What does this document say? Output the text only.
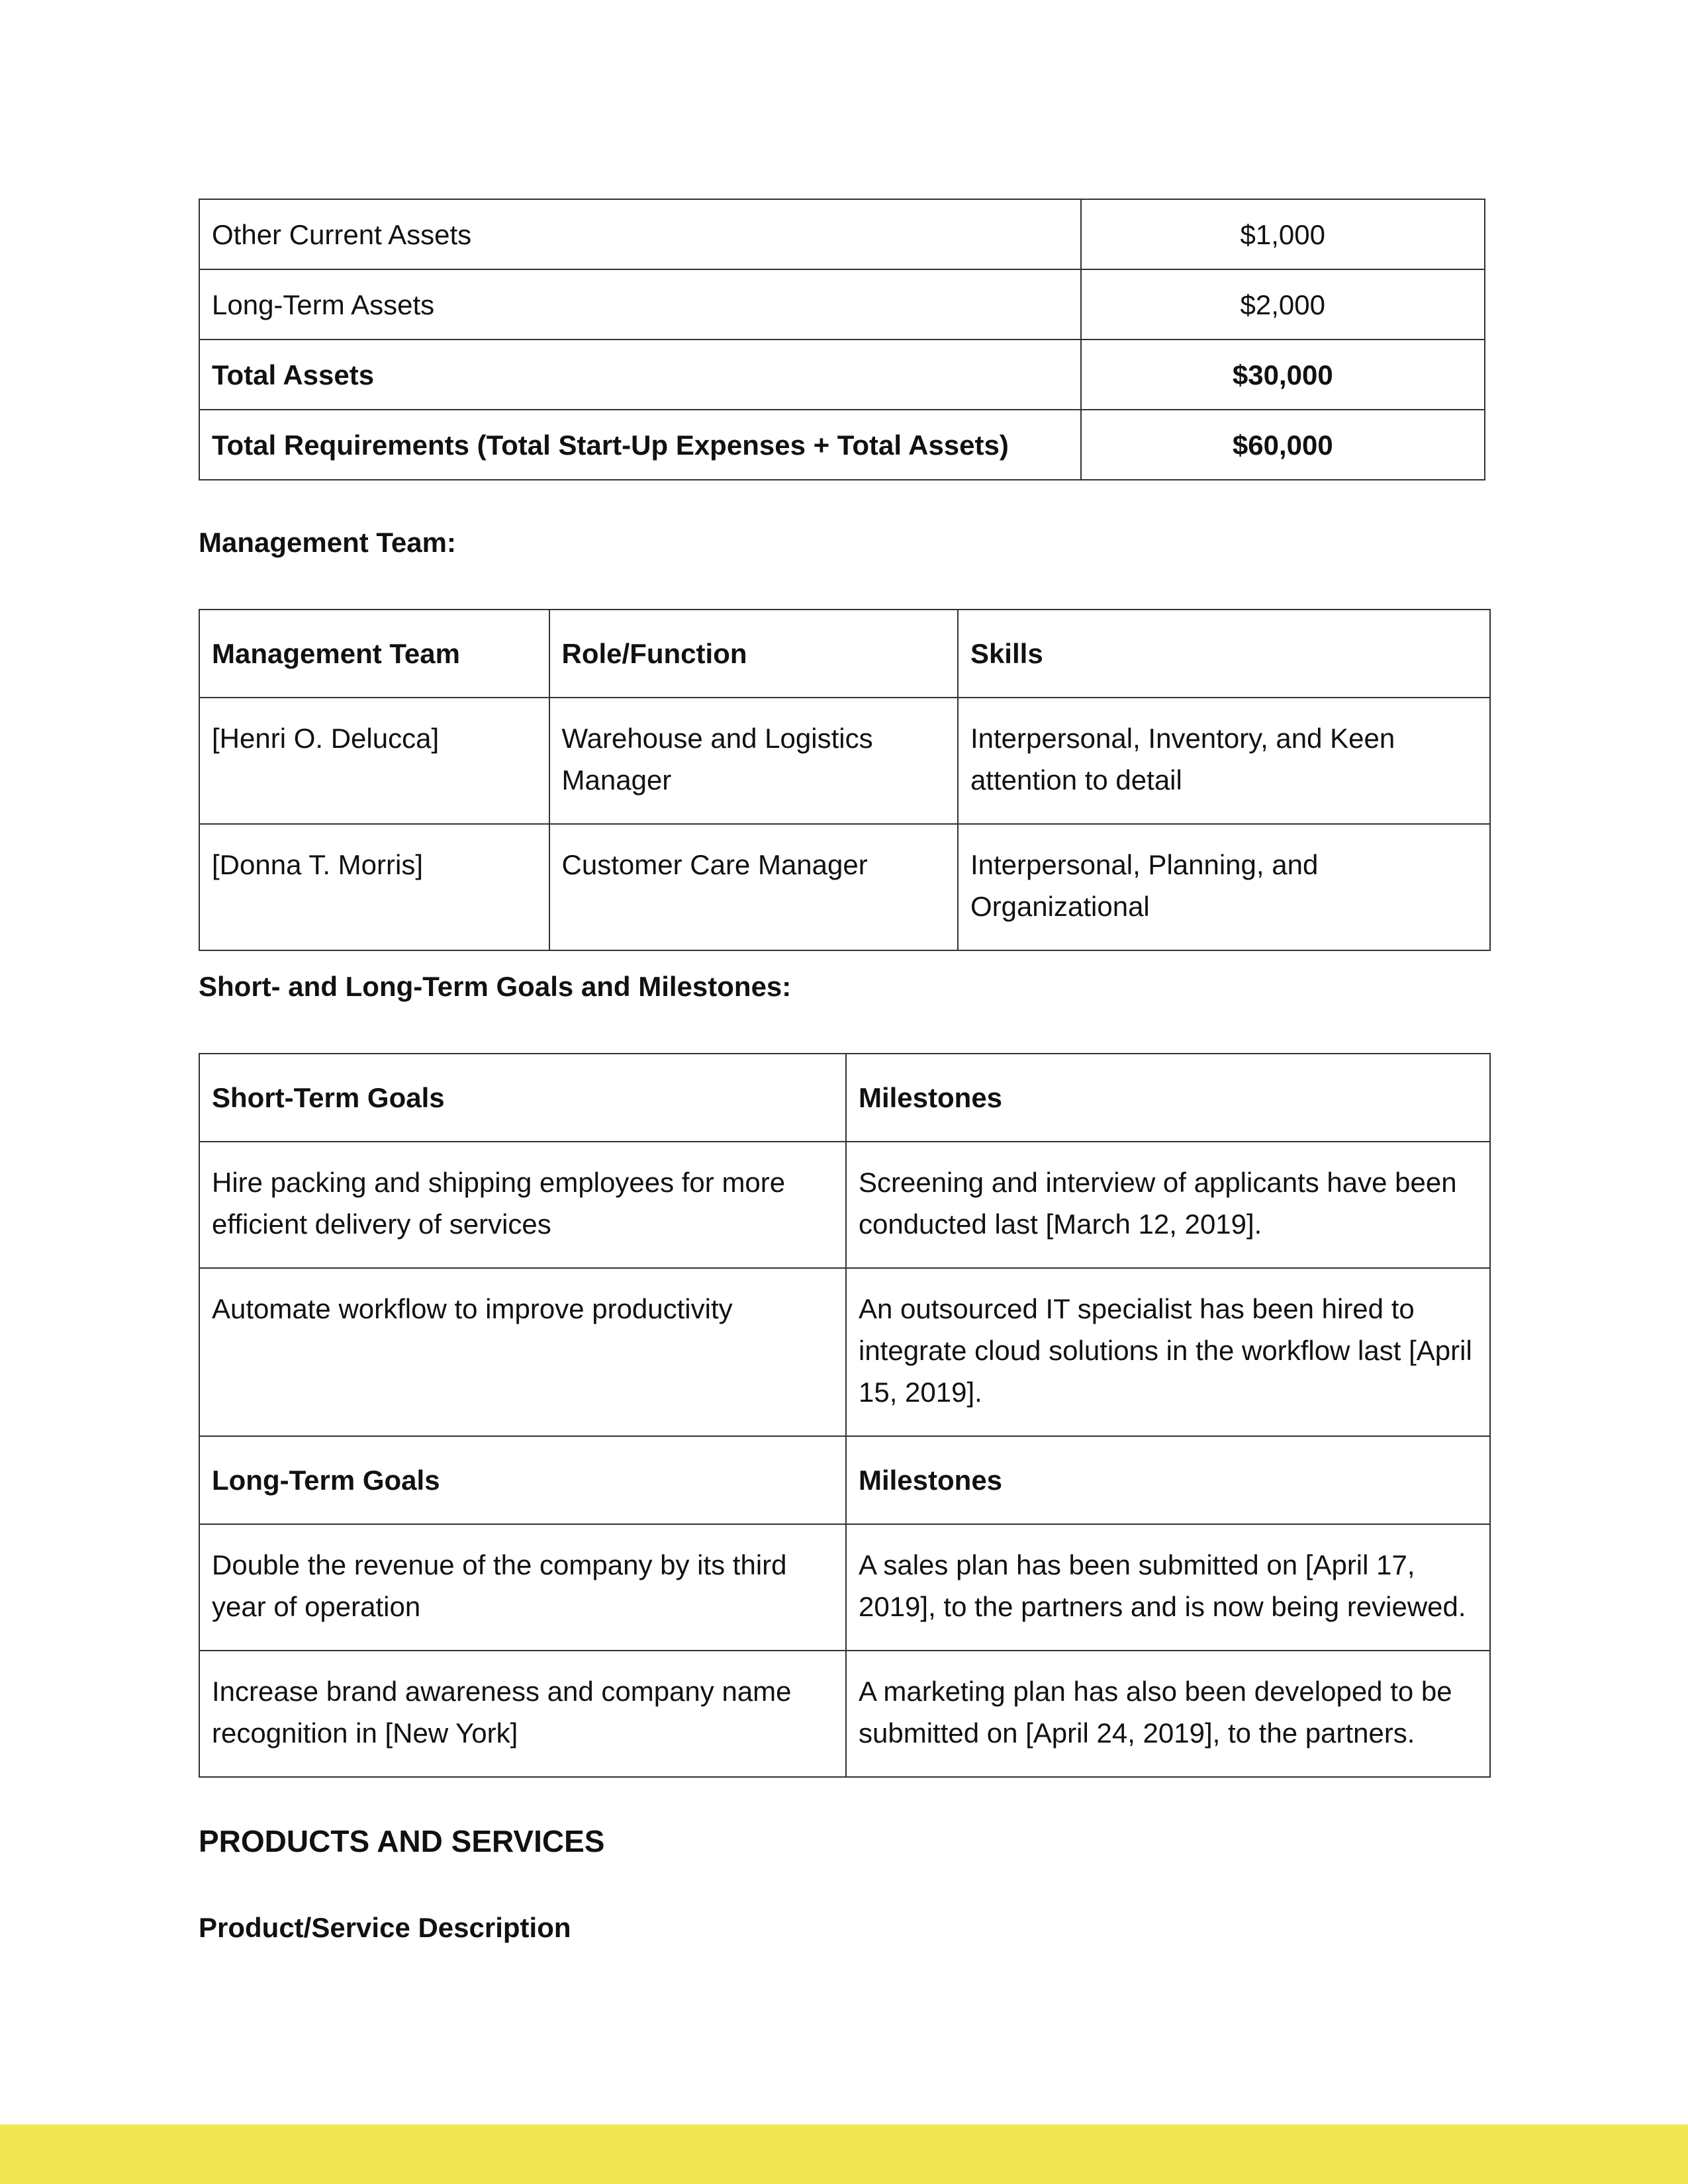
Other Current Assets	$1,000
Long-Term Assets	$2,000
Total Assets	$30,000
Total Requirements (Total Start-Up Expenses + Total Assets)	$60,000

Management Team:

Management Team	Role/Function	Skills
[Henri O. Delucca]	Warehouse and Logistics Manager	Interpersonal, Inventory, and Keen attention to detail
[Donna T. Morris]	Customer Care Manager	Interpersonal, Planning, and Organizational

Short- and Long-Term Goals and Milestones:

Short-Term Goals	Milestones
Hire packing and shipping employees for more efficient delivery of services	Screening and interview of applicants have been conducted last [March 12, 2019].
Automate workflow to improve productivity	An outsourced IT specialist has been hired to integrate cloud solutions in the workflow last [April 15, 2019].
Long-Term Goals	Milestones
Double the revenue of the company by its third year of operation	A sales plan has been submitted on [April 17, 2019], to the partners and is now being reviewed.
Increase brand awareness and company name recognition in [New York]	A marketing plan has also been developed to be submitted on [April 24, 2019], to the partners.

PRODUCTS AND SERVICES

Product/Service Description
